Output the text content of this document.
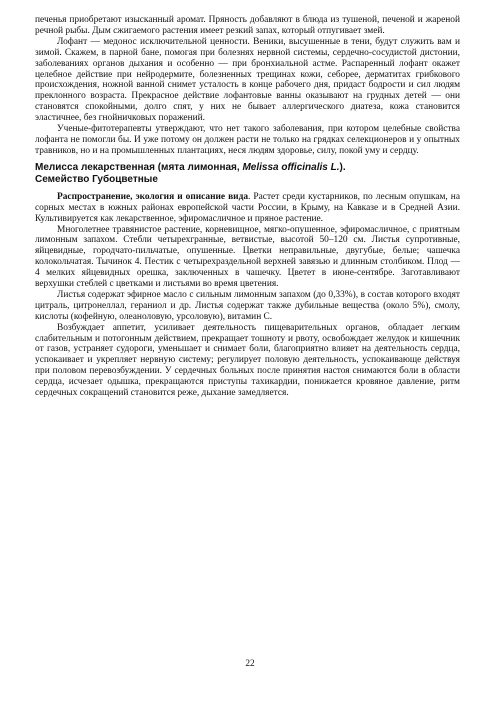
печенья приобретают изысканный аромат. Пряность добавляют в блюда из тушеной, печеной и жареной речной рыбы. Дым сжигаемого растения имеет резкий запах, который отпугивает змей.

Лофант — медонос исключительной ценности. Веники, высушенные в тени, будут служить вам и зимой. Скажем, в парной бане, помогая при болезнях нервной системы, сердечно-сосудистой дистонии, заболеваниях органов дыхания и особенно — при бронхиальной астме. Распаренный лофант окажет целебное действие при нейродермите, болезненных трещинах кожи, себорее, дерматитах грибкового происхождения, ножной ванной снимет усталость в конце рабочего дня, придаст бодрости и сил людям преклонного возраста. Прекрасное действие лофантовые ванны оказывают на грудных детей — они становятся спокойными, долго спят, у них не бывает аллергического диатеза, кожа становится эластичнее, без гнойничковых поражений.

Ученые-фитотерапевты утверждают, что нет такого заболевания, при котором целебные свойства лофанта не помогли бы. И уже потому он должен расти не только на грядках селекционеров и у опытных травников, но и на промышленных плантациях, неся людям здоровье, силу, покой уму и сердцу.

Мелисса лекарственная (мята лимонная, Melissa officinalis L.).
Семейство Губоцветные

Распространение, экология и описание вида. Растет среди кустарников, по лесным опушкам, на сорных местах в южных районах европейской части России, в Крыму, на Кавказе и в Средней Азии. Культивируется как лекарственное, эфиромасличное и пряное растение.

Многолетнее травянистое растение, корневищное, мягко-опушенное, эфиромасличное, с приятным лимонным запахом. Стебли четырехгранные, ветвистые, высотой 50–120 см. Листья супротивные, яйцевидные, городчато-пильчатые, опушенные. Цветки неправильные, двугубые, белые; чашечка колокольчатая. Тычинок 4. Пестик с четырехраздельной верхней завязью и длинным столбиком. Плод — 4 мелких яйцевидных орешка, заключенных в чашечку. Цветет в июне-сентябре. Заготавливают верхушки стеблей с цветками и листьями во время цветения.

Листья содержат эфирное масло с сильным лимонным запахом (до 0,33%), в состав которого входят цитраль, цитронеллал, гераниол и др. Листья содержат также дубильные вещества (около 5%), смолу, кислоты (кофейную, олеаноловую, урсоловую), витамин С.

Возбуждает аппетит, усиливает деятельность пищеварительных органов, обладает легким слабительным и потогонным действием, прекращает тошноту и рвоту, освобождает желудок и кишечник от газов, устраняет судороги, уменьшает и снимает боли, благоприятно влияет на деятельность сердца, успокаивает и укрепляет нервную систему; регулирует половую деятельность, успокаивающе действуя при половом перевозбуждении. У сердечных больных после принятия настоя снимаются боли в области сердца, исчезает одышка, прекращаются приступы тахикардии, понижается кровяное давление, ритм сердечных сокращений становится реже, дыхание замедляется.

22
